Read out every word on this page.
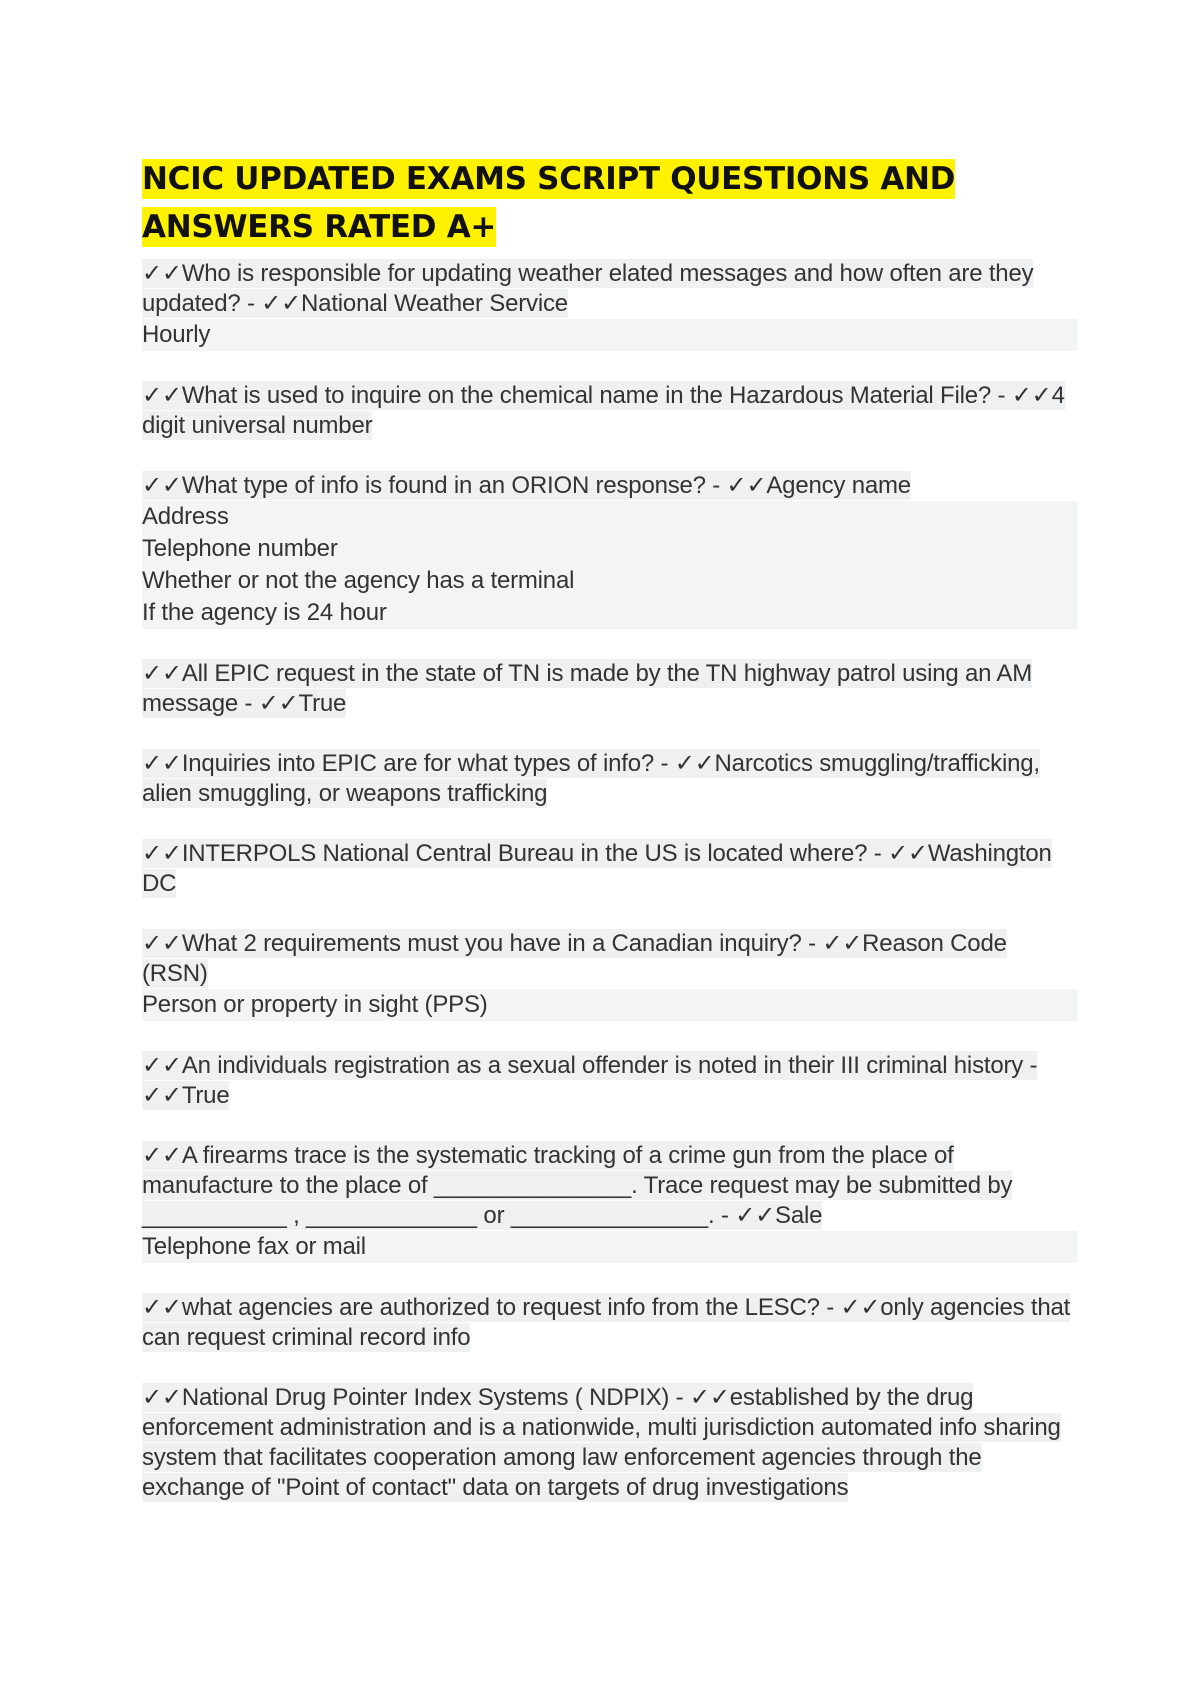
NCIC UPDATED EXAMS SCRIPT QUESTIONS AND ANSWERS RATED A+
✓✓Who is responsible for updating weather elated messages and how often are they updated? - ✓✓National Weather Service
Hourly
✓✓What is used to inquire on the chemical name in the Hazardous Material File? - ✓✓4 digit universal number
✓✓What type of info is found in an ORION response? - ✓✓Agency name
Address
Telephone number
Whether or not the agency has a terminal
If the agency is 24 hour
✓✓All EPIC request in the state of TN is made by the TN highway patrol using an AM message - ✓✓True
✓✓Inquiries into EPIC are for what types of info? - ✓✓Narcotics smuggling/trafficking, alien smuggling, or weapons trafficking
✓✓INTERPOLS National Central Bureau in the US is located where? - ✓✓Washington DC
✓✓What 2 requirements must you have in a Canadian inquiry? - ✓✓Reason Code (RSN)
Person or property in sight (PPS)
✓✓An individuals registration as a sexual offender is noted in their III criminal history - ✓✓True
✓✓A firearms trace is the systematic tracking of a crime gun from the place of manufacture to the place of _______________. Trace request may be submitted by ___________ , _____________ or _______________. - ✓✓Sale
Telephone fax or mail
✓✓what agencies are authorized to request info from the LESC? - ✓✓only agencies that can request criminal record info
✓✓National Drug Pointer Index Systems ( NDPIX) - ✓✓established by the drug enforcement administration and is a nationwide, multi jurisdiction automated info sharing system that facilitates cooperation among law enforcement agencies through the exchange of "Point of contact" data on targets of drug investigations
